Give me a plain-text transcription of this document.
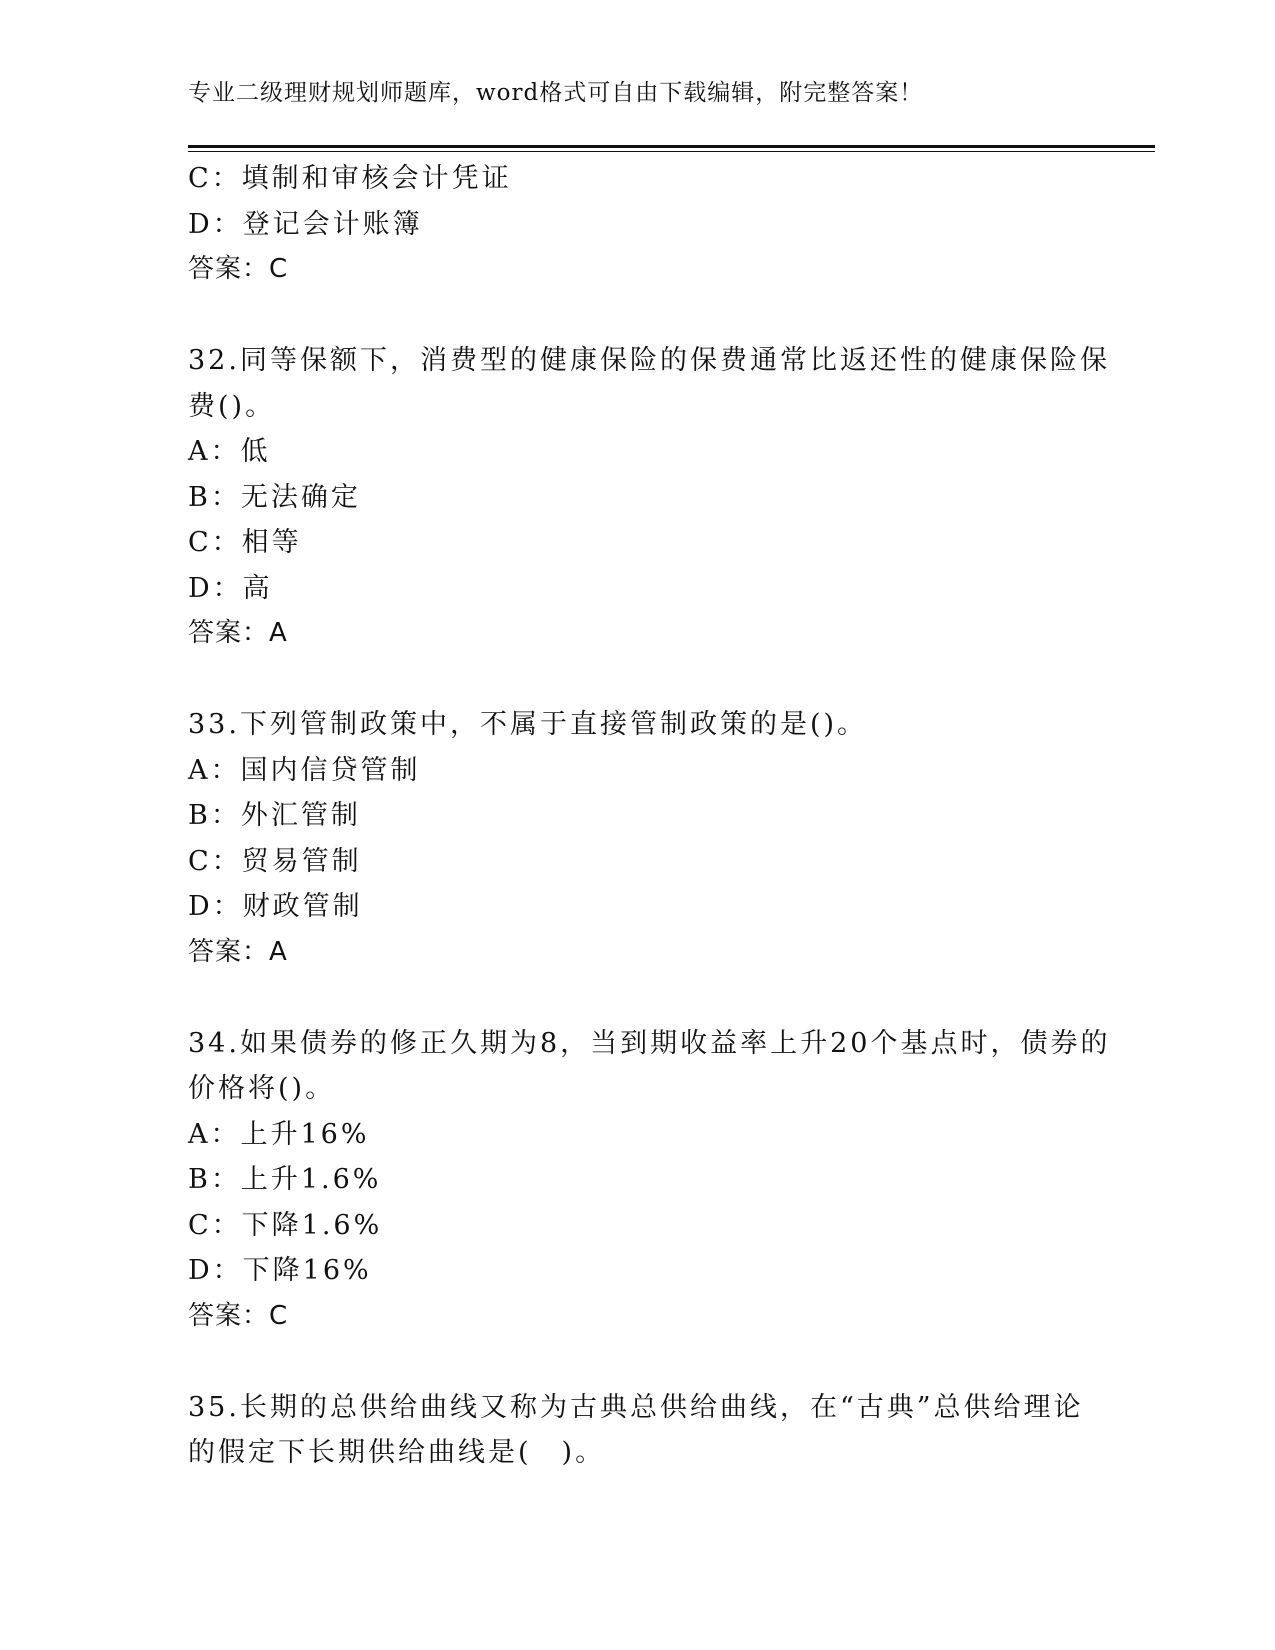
专业二级理财规划师题库，word格式可自由下载编辑，附完整答案！
C：填制和审核会计凭证
D：登记会计账簿
答案：C
32.同等保额下，消费型的健康保险的保费通常比返还性的健康保险保
费()。
A：低
B：无法确定
C：相等
D：高
答案：A
33.下列管制政策中，不属于直接管制政策的是()。
A：国内信贷管制
B：外汇管制
C：贸易管制
D：财政管制
答案：A
34.如果债券的修正久期为8，当到期收益率上升20个基点时，债券的
价格将()。
A：上升16%
B：上升1.6%
C：下降1.6%
D：下降16%
答案：C
35.长期的总供给曲线又称为古典总供给曲线，在“古典”总供给理论
的假定下长期供给曲线是(　)。
